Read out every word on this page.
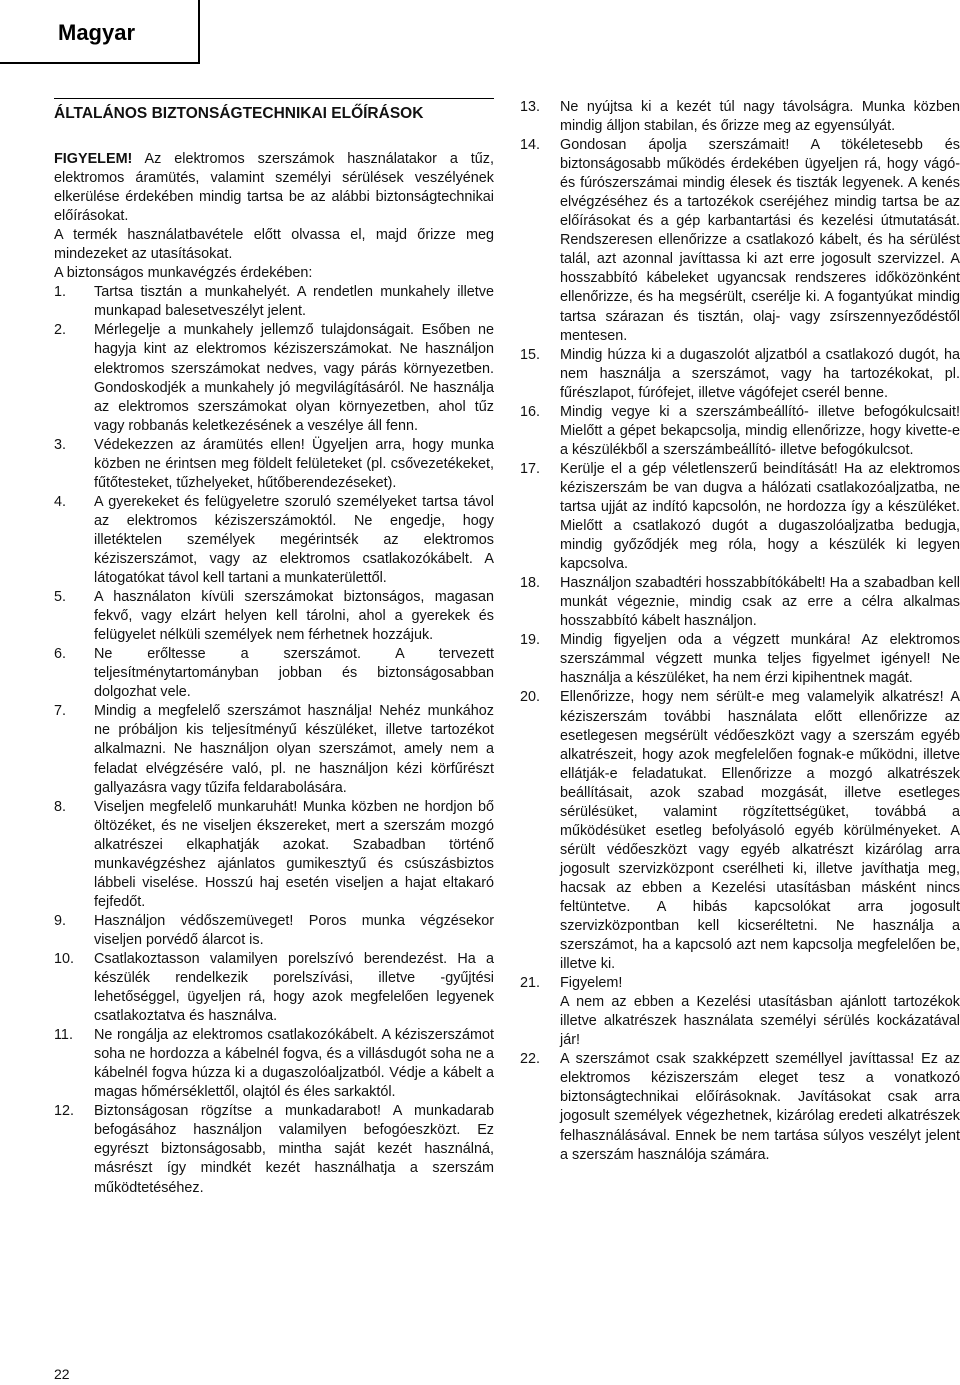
Magyar
ÁLTALÁNOS BIZTONSÁGTECHNIKAI ELŐÍRÁSOK

FIGYELEM! Az elektromos szerszámok használatakor a tűz, elektromos áramütés, valamint személyi sérülések veszélyének elkerülése érdekében mindig tartsa be az alábbi biztonságtechnikai előírásokat.

A termék használatbavétele előtt olvassa el, majd őrizze meg mindezeket az utasításokat.

A biztonságos munkavégzés érdekében:

1.	Tartsa tisztán a munkahelyét. A rendetlen munkahely illetve munkapad balesetveszélyt jelent.
2.	Mérlegelje a munkahely jellemző tulajdonságait. Esőben ne hagyja kint az elektromos kéziszerszámokat. Ne használjon elektromos szerszámokat nedves, vagy párás környezetben. Gondoskodjék a munkahely jó megvilágításáról. Ne használja az elektromos szerszámokat olyan környezetben, ahol tűz vagy robbanás keletkezésének a veszélye áll fenn.
3.	Védekezzen az áramütés ellen! Ügyeljen arra, hogy munka közben ne érintsen meg földelt felületeket (pl. csővezetékeket, fűtőtesteket, tűzhelyeket, hűtőberendezéseket).
4.	A gyerekeket és felügyeletre szoruló személyeket tartsa távol az elektromos kéziszerszámoktól. Ne engedje, hogy illetéktelen személyek megérintsék az elektromos kéziszerszámot, vagy az elektromos csatlakozókábelt. A látogatókat távol kell tartani a munkaterülettől.
5.	A használaton kívüli szerszámokat biztonságos, magasan fekvő, vagy elzárt helyen kell tárolni, ahol a gyerekek és felügyelet nélküli személyek nem férhetnek hozzájuk.
6.	Ne erőltesse a szerszámot. A tervezett teljesítménytartományban jobban és biztonságosabban dolgozhat vele.
7.	Mindig a megfelelő szerszámot használja! Nehéz munkához ne próbáljon kis teljesítményű készüléket, illetve tartozékot alkalmazni. Ne használjon olyan szerszámot, amely nem a feladat elvégzésére való, pl. ne használjon kézi körfűrészt gallyazásra vagy tűzifa feldarabolására.
8.	Viseljen megfelelő munkaruhát! Munka közben ne hordjon bő öltözéket, és ne viseljen ékszereket, mert a szerszám mozgó alkatrészei elkaphatják azokat. Szabadban történő munkavégzéshez ajánlatos gumikesztyű és csúszásbiztos lábbeli viselése. Hosszú haj esetén viseljen a hajat eltakaró fejfedőt.
9.	Használjon védőszemüveget! Poros munka végzésekor viseljen porvédő álarcot is.
10.	Csatlakoztasson valamilyen porelszívó berendezést. Ha a készülék rendelkezik porelszívási, illetve -gyűjtési lehetőséggel, ügyeljen rá, hogy azok megfelelően legyenek csatlakoztatva és használva.
11.	Ne rongálja az elektromos csatlakozókábelt. A kéziszerszámot soha ne hordozza a kábelnél fogva, és a villásdugót soha ne a kábelnél fogva húzza ki a dugaszolóaljzatból. Védje a kábelt a magas hőmérséklettől, olajtól és éles sarkaktól.
12.	Biztonságosan rögzítse a munkadarabot! A munkadarab befogásához használjon valamilyen befogóeszközt. Ez egyrészt biztonságosabb, mintha saját kezét használná, másrészt így mindkét kezét használhatja a szerszám működtetéséhez.
13.	Ne nyújtsa ki a kezét túl nagy távolságra. Munka közben mindig álljon stabilan, és őrizze meg az egyensúlyát.
14.	Gondosan ápolja szerszámait! A tökéletesebb és biztonságosabb működés érdekében ügyeljen rá, hogy vágó- és fúrószerszámai mindig élesek és tiszták legyenek. A kenés elvégzéséhez és a tartozékok cseréjéhez mindig tartsa be az előírásokat és a gép karbantartási és kezelési útmutatását. Rendszeresen ellenőrizze a csatlakozó kábelt, és ha sérülést talál, azt azonnal javíttassa ki azt erre jogosult szervizzel. A hosszabbító kábeleket ugyancsak rendszeres időközönként ellenőrizze, és ha megsérült, cserélje ki. A fogantyúkat mindig tartsa szárazan és tisztán, olaj- vagy zsírszennyeződéstől mentesen.
15.	Mindig húzza ki a dugaszolót aljzatból a csatlakozó dugót, ha nem használja a szerszámot, vagy ha tartozékokat, pl. fűrészlapot, fúrófejet, illetve vágófejet cserél benne.
16.	Mindig vegye ki a szerszámbeállító- illetve befogókulcsait! Mielőtt a gépet bekapcsolja, mindig ellenőrizze, hogy kivette-e a készülékből a szerszámbeállító- illetve befogókulcsot.
17.	Kerülje el a gép véletlenszerű beindítását! Ha az elektromos kéziszerszám be van dugva a hálózati csatlakozóaljzatba, ne tartsa ujját az indító kapcsolón, ne hordozza így a készüléket. Mielőtt a csatlakozó dugót a dugaszolóaljzatba bedugja, mindig győződjék meg róla, hogy a készülék ki legyen kapcsolva.
18.	Használjon szabadtéri hosszabbítókábelt! Ha a szabadban kell munkát végeznie, mindig csak az erre a célra alkalmas hosszabbító kábelt használjon.
19.	Mindig figyeljen oda a végzett munkára! Az elektromos szerszámmal végzett munka teljes figyelmet igényel! Ne használja a készüléket, ha nem érzi kipihentnek magát.
20.	Ellenőrizze, hogy nem sérült-e meg valamelyik alkatrész! A kéziszerszám további használata előtt ellenőrizze az esetlegesen megsérült védőeszközt vagy a szerszám egyéb alkatrészeit, hogy azok megfelelően fognak-e működni, illetve ellátják-e feladatukat. Ellenőrizze a mozgó alkatrészek beállításait, azok szabad mozgását, illetve esetleges sérülésüket, valamint rögzítettségüket, továbbá a működésüket esetleg befolyásoló egyéb körülményeket. A sérült védőeszközt vagy egyéb alkatrészt kizárólag arra jogosult szervizközpont cserélheti ki, illetve javíthatja meg, hacsak az ebben a Kezelési utasításban másként nincs feltüntetve. A hibás kapcsolókat arra jogosult szervizközpontban kell kicseréltetni. Ne használja a szerszámot, ha a kapcsoló azt nem kapcsolja megfelelően be, illetve ki.
21.	Figyelem!
A nem az ebben a Kezelési utasításban ajánlott tartozékok illetve alkatrészek használata személyi sérülés kockázatával jár!
22.	A szerszámot csak szakképzett személlyel javíttassa! Ez az elektromos kéziszerszám eleget tesz a vonatkozó biztonságtechnikai előírásoknak. Javításokat csak arra jogosult személyek végezhetnek, kizárólag eredeti alkatrészek felhasználásával. Ennek be nem tartása súlyos veszélyt jelent a szerszám használója számára.
22
